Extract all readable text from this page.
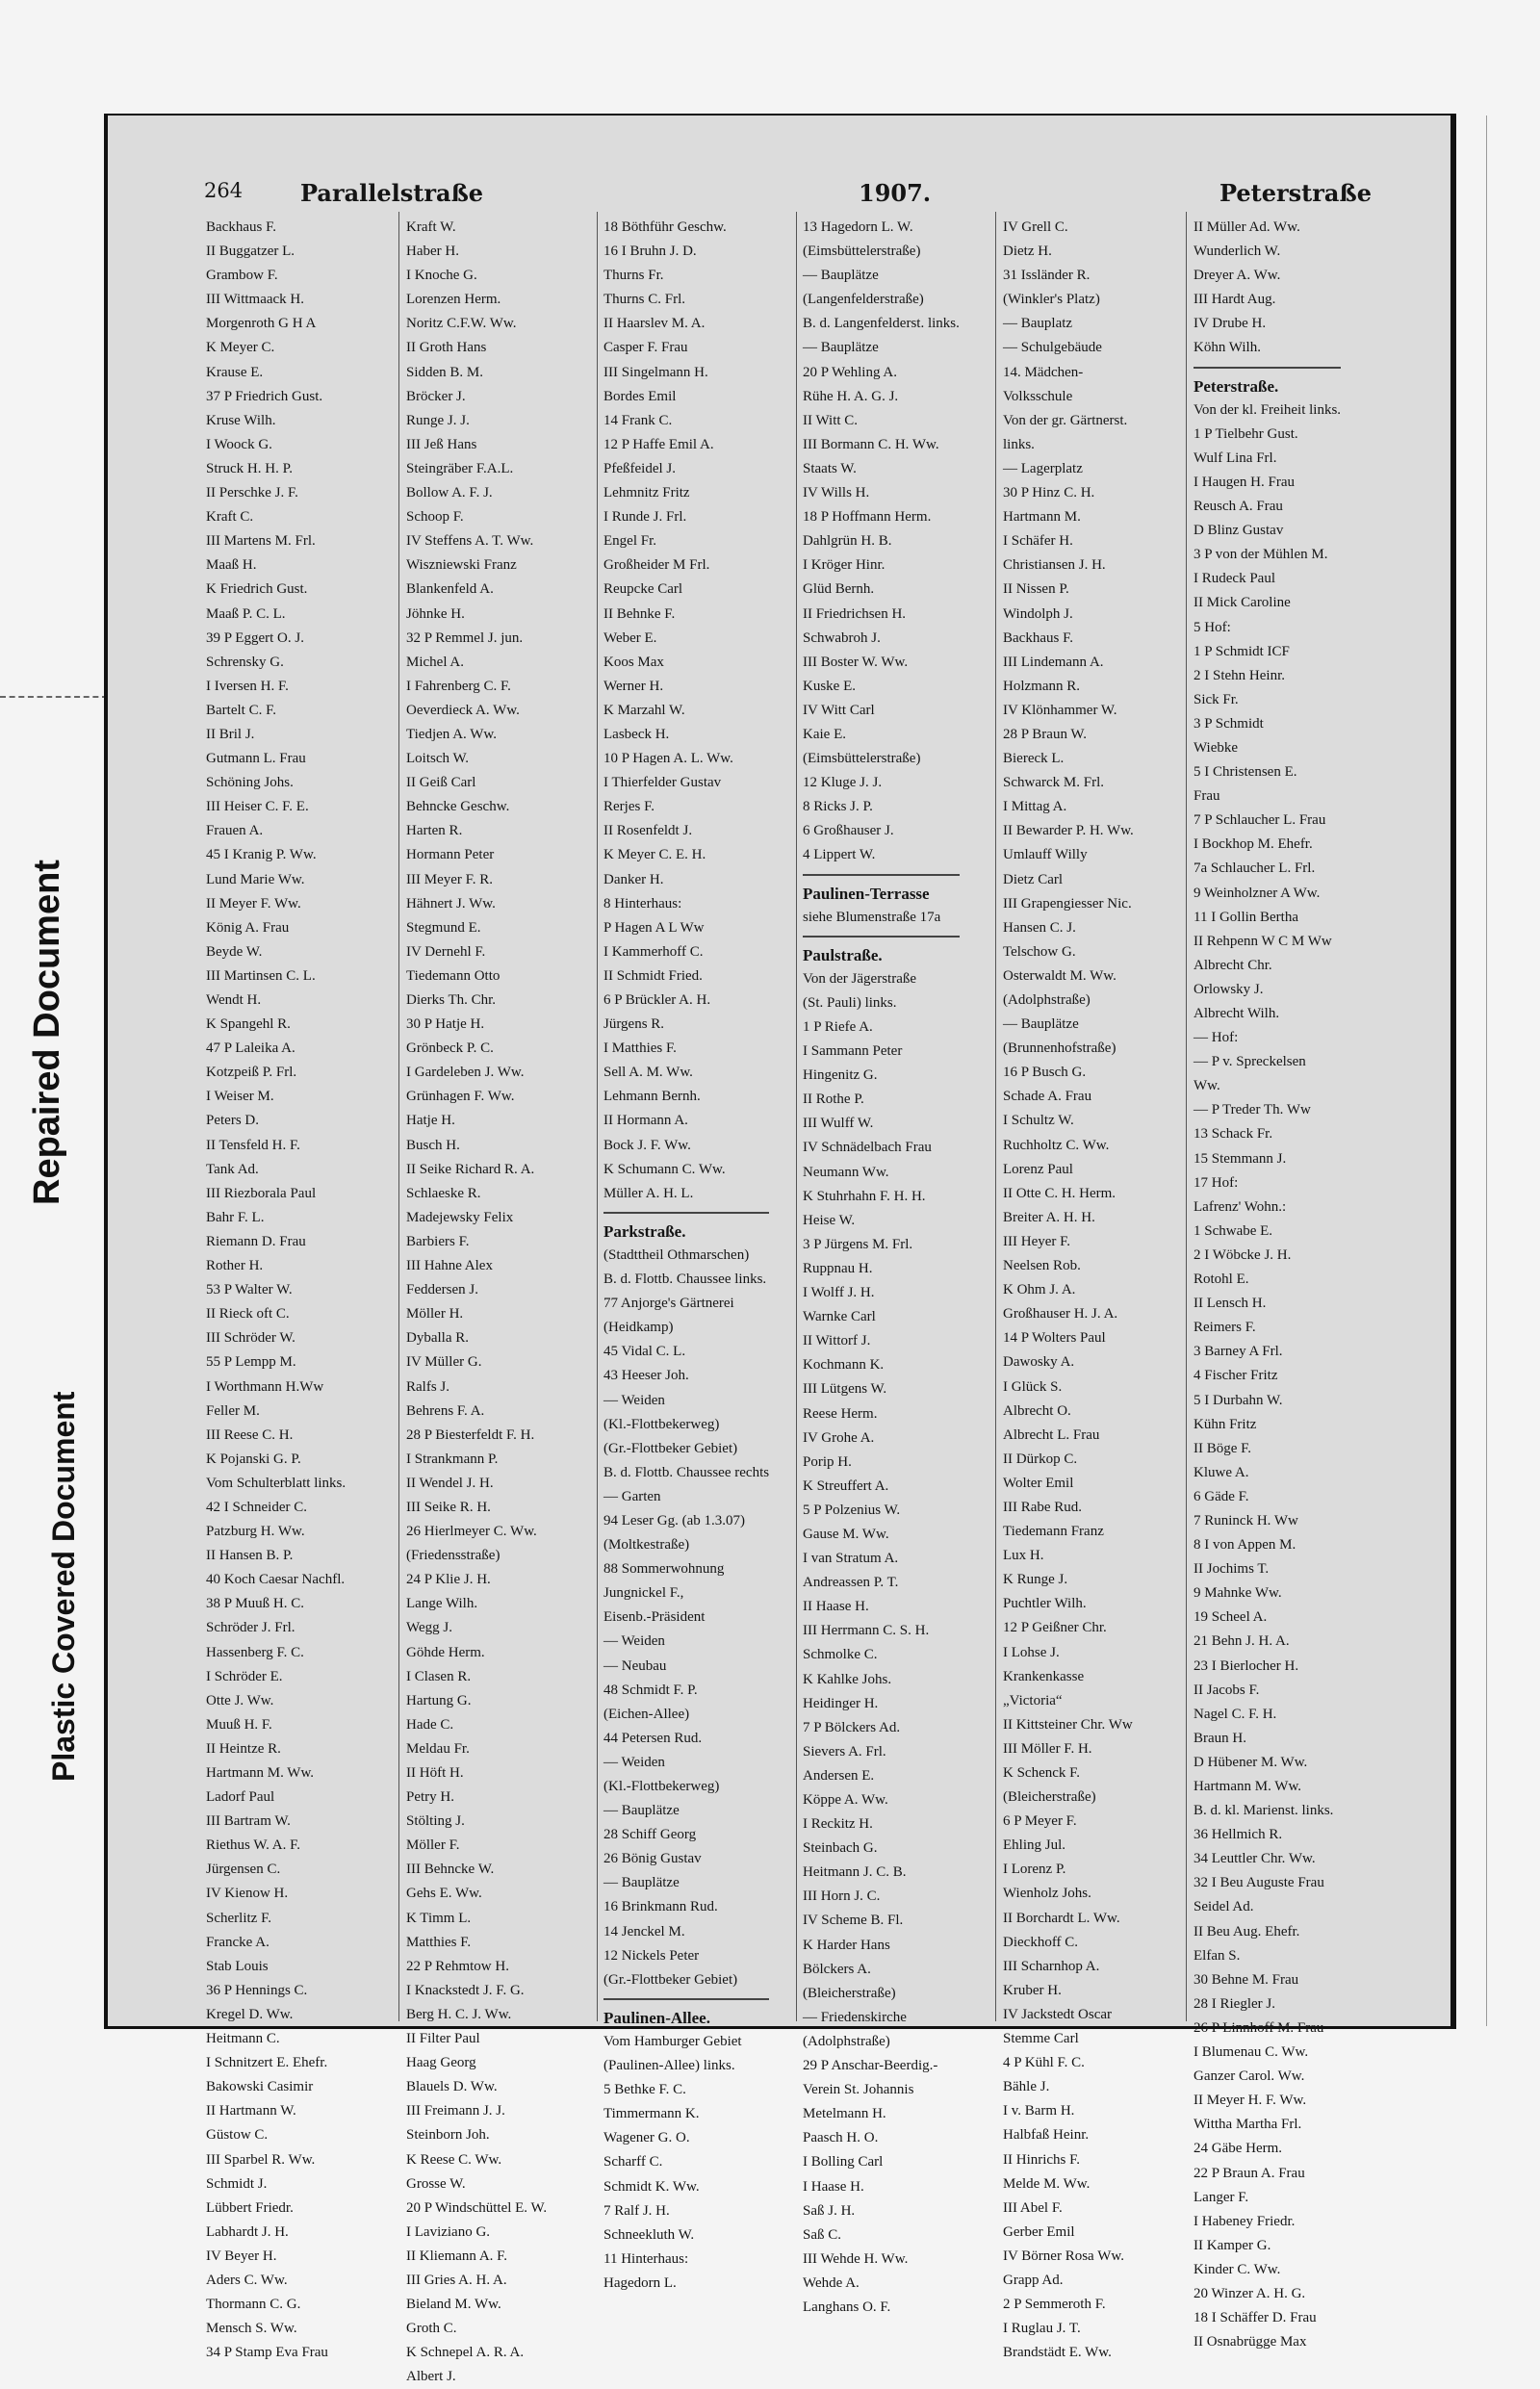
Repaired Document
Plastic Covered Document
264 Parallelstraße	1907.	Peterstraße
Backhaus F.
II Buggatzer L.
Grambow F.
III Wittmaack H.
Morgenroth G H A
K Meyer C.
Krause E.
37 P Friedrich Gust.
Kruse Wilh.
I Woock G.
Struck H. H. P.
II Perschke J. F.
Kraft C.
III Martens M. Frl.
Maaß H.
K Friedrich Gust.
Maaß P. C. L.
39 P Eggert O. J.
Schrensky G.
I Iversen H. F.
Bartelt C. F.
II Bril J.
Gutmann L. Frau
Schöning Johs.
III Heiser C. F. E.
Frauen A.
45 I Kranig P. Ww.
Lund Marie Ww.
II Meyer F. Ww.
König A. Frau
Beyde W.
III Martinsen C. L.
Wendt H.
K Spangehl R.
47 P Laleika A.
Kotzpeiß P. Frl.
I Weiser M.
Peters D.
II Tensfeld H. F.
Tank Ad.
III Riezborala Paul
Bahr F. L.
Riemann D. Frau
Rother H.
53 P Walter W.
II Rieck oft C.
III Schröder W.
55 P Lempp M.
I Worthmann H.Ww
Feller M.
III Reese C. H.
K Pojanski G. P.
Vom Schulterblatt links.
42 I Schneider C.
Patzburg H. Ww.
II Hansen B. P.
40 Koch Caesar Nachfl.
38 P Muuß H. C.
Schröder J. Frl.
Hassenberg F. C.
I Schröder E.
Otte J. Ww.
Muuß H. F.
II Heintze R.
Hartmann M. Ww.
Ladorf Paul
III Bartram W.
Riethus W. A. F.
Jürgensen C.
IV Kienow H.
Scherlitz F.
Francke A.
Stab Louis
36 P Hennings C.
Kregel D. Ww.
Heitmann C.
I Schnitzert E. Ehefr.
Bakowski Casimir
II Hartmann W.
Güstow C.
III Sparbel R. Ww.
Schmidt J.
Lübbert Friedr.
Labhardt J. H.
IV Beyer H.
Aders C. Ww.
Thormann C. G.
Mensch S. Ww.
34 P Stamp Eva Frau
Kraft W.
Haber H.
I Knoche G.
Lorenzen Herm.
Noritz C.F.W. Ww.
II Groth Hans
Sidden B. M.
Bröcker J.
Runge J. J.
III Jeß Hans
Steingräber F.A.L.
Bollow A. F. J.
Schoop F.
IV Steffens A. T. Ww.
Wiszniewski Franz
Blankenfeld A.
Jöhnke H.
32 P Remmel J. jun.
Michel A.
I Fahrenberg C. F.
Oeverdieck A. Ww.
Tiedjen A. Ww.
Loitsch W.
II Geiß Carl
Behncke Geschw.
Harten R.
Hormann Peter
III Meyer F. R.
Hähnert J. Ww.
Stegmund E.
IV Dernehl F.
Tiedemann Otto
Dierks Th. Chr.
30 P Hatje H.
Grönbeck P. C.
I Gardeleben J. Ww.
Grünhagen F. Ww.
Hatje H.
Busch H.
II Seike Richard R. A.
Schlaeske R.
Madejewsky Felix
Barbiers F.
III Hahne Alex
Feddersen J.
Möller H.
Dyballa R.
IV Müller G.
Ralfs J.
Behrens F. A.
28 P Biesterfeldt F. H.
I Strankmann P.
II Wendel J. H.
III Seike R. H.
26 Hierlmeyer C. Ww.
(Friedensstraße)
24 P Klie J. H.
Lange Wilh.
Wegg J.
Göhde Herm.
I Clasen R.
Hartung G.
Hade C.
Meldau Fr.
II Höft H.
Petry H.
Stölting J.
Möller F.
III Behncke W.
Gehs E. Ww.
K Timm L.
Matthies F.
22 P Rehmtow H.
I Knackstedt J. F. G.
Berg H. C. J. Ww.
II Filter Paul
Haag Georg
Blauels D. Ww.
III Freimann J. J.
Steinborn Joh.
K Reese C. Ww.
Grosse W.
20 P Windschüttel E. W.
I Laviziano G.
II Kliemann A. F.
III Gries A. H. A.
Bieland M. Ww.
Groth C.
K Schnepel A. R. A.
Albert J.
18 Böthführ Geschw.
16 I Bruhn J. D.
Thurns Fr.
Thurns C. Frl.
II Haarslev M. A.
Casper F. Frau
III Singelmann H.
Bordes Emil
14 Frank C.
12 P Haffe Emil A.
Pfeßfeidel J.
Lehmnitz Fritz
I Runde J. Frl.
Engel Fr.
Großheider M Frl.
Reupcke Carl
II Behnke F.
Weber E.
Koos Max
Werner H.
K Marzahl W.
Lasbeck H.
10 P Hagen A. L. Ww.
I Thierfelder Gustav
Rerjes F.
II Rosenfeldt J.
K Meyer C. E. H.
Danker H.
8 Hinterhaus:
P Hagen A L Ww
I Kammerhoff C.
II Schmidt Fried.
6 P Brückler A. H.
Jürgens R.
I Matthies F.
Sell A. M. Ww.
Lehmann Bernh.
II Hormann A.
Bock J. F. Ww.
K Schumann C. Ww.
Müller A. H. L.
Parkstraße.
(Stadttheil Othmarschen)
B. d. Flottb. Chaussee links.
77 Anjorge's Gärtnerei
(Heidkamp)
45 Vidal C. L.
43 Heeser Joh.
— Weiden
(Kl.-Flottbekerweg)
(Gr.-Flottbeker Gebiet)
B. d. Flottb. Chaussee rechts
— Garten
94 Leser Gg. (ab 1.3.07)
(Moltkestraße)
88 Sommerwohnung
Jungnickel F.,
Eisenb.-Präsident
— Weiden
— Neubau
48 Schmidt F. P.
(Eichen-Allee)
44 Petersen Rud.
— Weiden
(Kl.-Flottbekerweg)
— Bauplätze
28 Schiff Georg
26 Bönig Gustav
— Bauplätze
16 Brinkmann Rud.
14 Jenckel M.
12 Nickels Peter
(Gr.-Flottbeker Gebiet)
Paulinen-Allee.
Vom Hamburger Gebiet
(Paulinen-Allee) links.
5 Bethke F. C.
Timmermann K.
Wagener G. O.
Scharff C.
Schmidt K. Ww.
7 Ralf J. H.
Schneekluth W.
11 Hinterhaus:
Hagedorn L.
13 Hagedorn L. W.
(Eimsbüttelerstraße)
— Bauplätze
(Langenfelderstraße)
B. d. Langenfelderst. links.
— Bauplätze
20 P Wehling A.
Rühe H. A. G. J.
II Witt C.
III Bormann C. H. Ww.
Staats W.
IV Wills H.
18 P Hoffmann Herm.
Dahlgrün H. B.
I Kröger Hinr.
Glüd Bernh.
II Friedrichsen H.
Schwabroh J.
III Boster W. Ww.
Kuske E.
IV Witt Carl
Kaie E.
(Eimsbüttelerstraße)
12 Kluge J. J.
8 Ricks J. P.
6 Großhauser J.
4 Lippert W.
Paulinen-Terrasse
siehe Blumenstraße 17a
Paulstraße.
Von der Jägerstraße
(St. Pauli) links.
1 P Riefe A.
I Sammann Peter
Hingenitz G.
II Rothe P.
III Wulff W.
IV Schnädelbach Frau
Neumann Ww.
K Stuhrhahn F. H. H.
Heise W.
3 P Jürgens M. Frl.
Ruppnau H.
I Wolff J. H.
Warnke Carl
II Wittorf J.
Kochmann K.
III Lütgens W.
Reese Herm.
IV Grohe A.
Porip H.
K Streuffert A.
5 P Polzenius W.
Gause M. Ww.
I van Stratum A.
Andreassen P. T.
II Haase H.
III Herrmann C. S. H.
Schmolke C.
K Kahlke Johs.
Heidinger H.
7 P Bölckers Ad.
Sievers A. Frl.
Andersen E.
Köppe A. Ww.
I Reckitz H.
Steinbach G.
Heitmann J. C. B.
III Horn J. C.
IV Scheme B. Fl.
K Harder Hans
Bölckers A.
(Bleicherstraße)
— Friedenskirche
(Adolphstraße)
29 P Anschar-Beerdig.-
Verein St. Johannis
Metelmann H.
Paasch H. O.
I Bolling Carl
I Haase H.
Saß J. H.
Saß C.
III Wehde H. Ww.
Wehde A.
Langhans O. F.
IV Grell C.
Dietz H.
31 Issländer R.
(Winkler's Platz)
— Bauplatz
— Schulgebäude
14. Mädchen-
Volksschule
Von der gr. Gärtnerst.
links.
— Lagerplatz
30 P Hinz C. H.
Hartmann M.
I Schäfer H.
Christiansen J. H.
II Nissen P.
Windolph J.
Backhaus F.
III Lindemann A.
Holzmann R.
IV Klönhammer W.
28 P Braun W.
Biereck L.
Schwarck M. Frl.
I Mittag A.
II Bewarder P. H. Ww.
Umlauff Willy
Dietz Carl
III Grapengiesser Nic.
Hansen C. J.
Telschow G.
Osterwaldt M. Ww.
(Adolphstraße)
— Bauplätze
(Brunnenhofstraße)
16 P Busch G.
Schade A. Frau
I Schultz W.
Ruchholtz C. Ww.
Lorenz Paul
II Otte C. H. Herm.
Breiter A. H. H.
III Heyer F.
Neelsen Rob.
K Ohm J. A.
Großhauser H. J. A.
14 P Wolters Paul
Dawosky A.
I Glück S.
Albrecht O.
Albrecht L. Frau
II Dürkop C.
Wolter Emil
III Rabe Rud.
Tiedemann Franz
Lux H.
K Runge J.
Puchtler Wilh.
12 P Geißner Chr.
I Lohse J.
Krankenkasse
„Victoria“
II Kittsteiner Chr. Ww
III Möller F. H.
K Schenck F.
(Bleicherstraße)
6 P Meyer F.
Ehling Jul.
I Lorenz P.
Wienholz Johs.
II Borchardt L. Ww.
Dieckhoff C.
III Scharnhop A.
Kruber H.
IV Jackstedt Oscar
Stemme Carl
4 P Kühl F. C.
Bähle J.
I v. Barm H.
Halbfaß Heinr.
II Hinrichs F.
Melde M. Ww.
III Abel F.
Gerber Emil
IV Börner Rosa Ww.
Grapp Ad.
2 P Semmeroth F.
I Ruglau J. T.
Brandstädt E. Ww.
II Müller Ad. Ww.
Wunderlich W.
Dreyer A. Ww.
III Hardt Aug.
IV Drube H.
Köhn Wilh.
Peterstraße.
Von der kl. Freiheit links.
1 P Tielbehr Gust.
Wulf Lina Frl.
I Haugen H. Frau
Reusch A. Frau
D Blinz Gustav
3 P von der Mühlen M.
I Rudeck Paul
II Mick Caroline
5 Hof:
1 P Schmidt ICF
2 I Stehn Heinr.
Sick Fr.
3 P Schmidt
Wiebke
5 I Christensen E.
Frau
7 P Schlaucher L. Frau
I Bockhop M. Ehefr.
7a Schlaucher L. Frl.
9 Weinholzner A Ww.
11 I Gollin Bertha
II Rehpenn W C M Ww
Albrecht Chr.
Orlowsky J.
Albrecht Wilh.
— Hof:
— P v. Spreckelsen
Ww.
— P Treder Th. Ww
13 Schack Fr.
15 Stemmann J.
17 Hof:
Lafrenz' Wohn.:
1 Schwabe E.
2 I Wöbcke J. H.
Rotohl E.
II Lensch H.
Reimers F.
3 Barney A Frl.
4 Fischer Fritz
5 I Durbahn W.
Kühn Fritz
II Böge F.
Kluwe A.
6 Gäde F.
7 Runinck H. Ww
8 I von Appen M.
II Jochims T.
9 Mahnke Ww.
19 Scheel A.
21 Behn J. H. A.
23 I Bierlocher H.
II Jacobs F.
Nagel C. F. H.
Braun H.
D Hübener M. Ww.
Hartmann M. Ww.
B. d. kl. Marienst. links.
36 Hellmich R.
34 Leuttler Chr. Ww.
32 I Beu Auguste Frau
Seidel Ad.
II Beu Aug. Ehefr.
Elfan S.
30 Behne M. Frau
28 I Riegler J.
26 P Linnhoff M. Frau
I Blumenau C. Ww.
Ganzer Carol. Ww.
II Meyer H. F. Ww.
Wittha Martha Frl.
24 Gäbe Herm.
22 P Braun A. Frau
Langer F.
I Habeney Friedr.
II Kamper G.
Kinder C. Ww.
20 Winzer A. H. G.
18 I Schäffer D. Frau
II Osnabrügge Max
